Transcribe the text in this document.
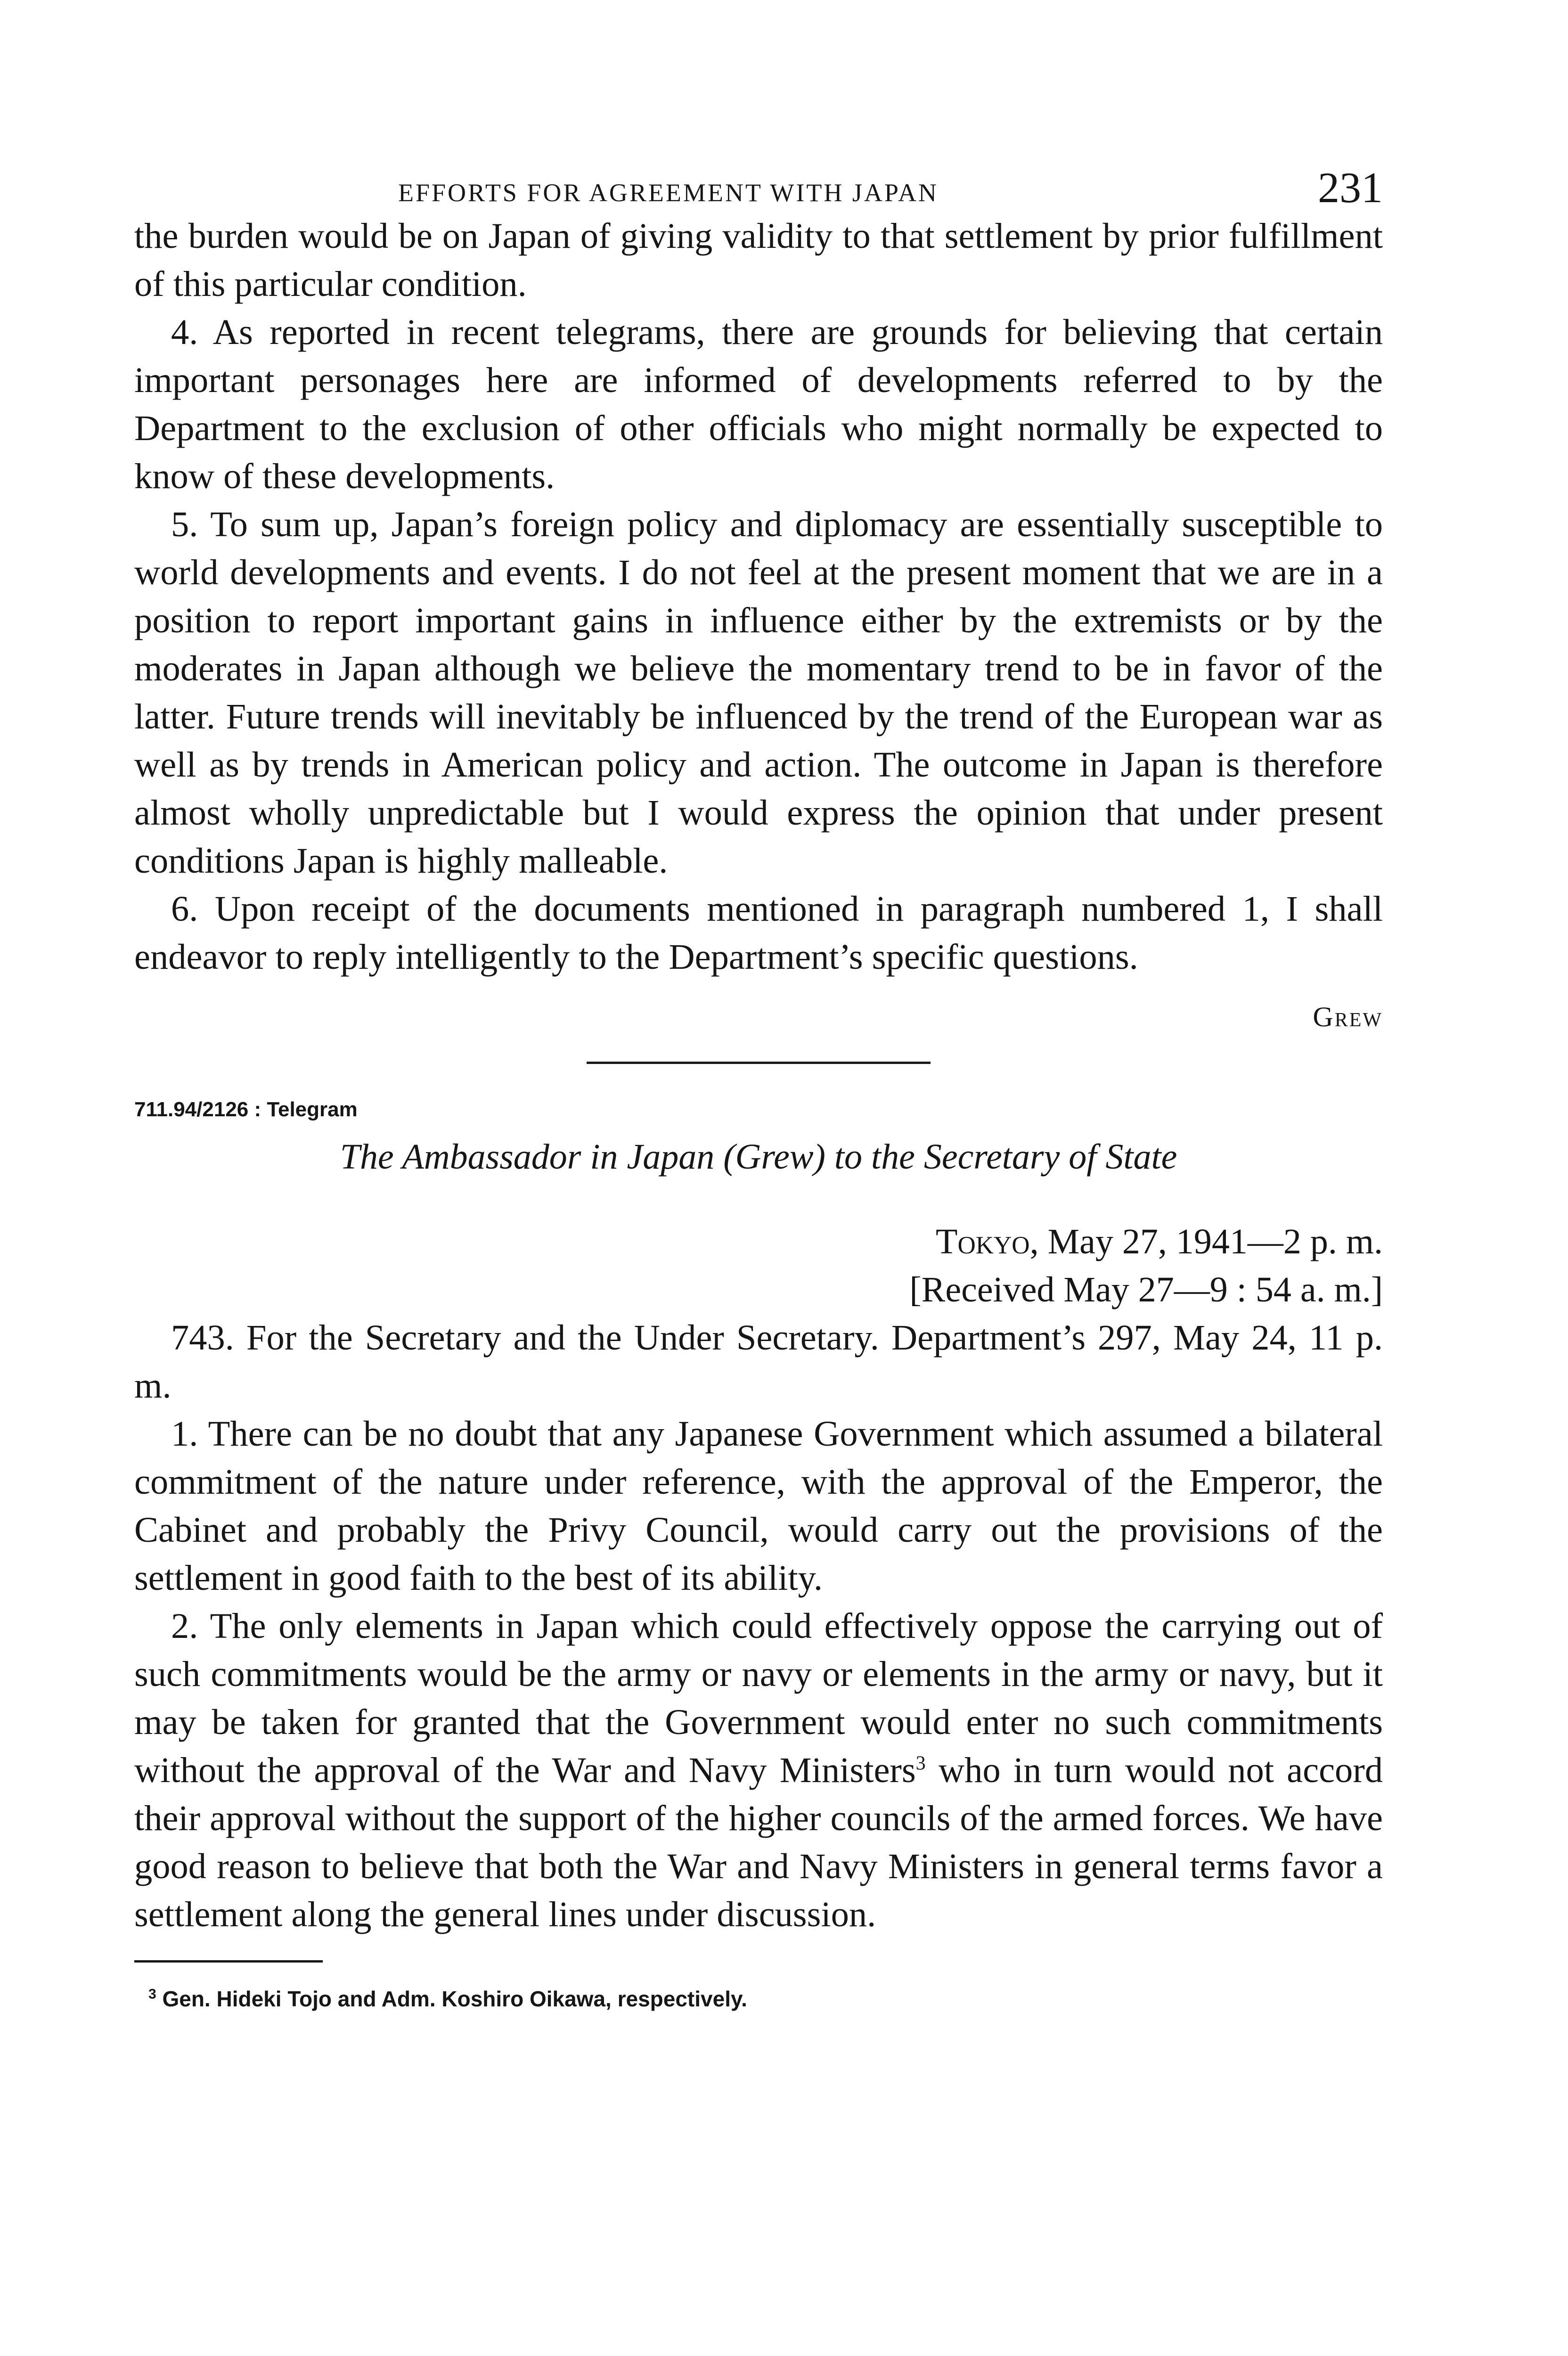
EFFORTS FOR AGREEMENT WITH JAPAN	231

the burden would be on Japan of giving validity to that settlement by prior fulfillment of this particular condition.

4. As reported in recent telegrams, there are grounds for believing that certain important personages here are informed of developments referred to by the Department to the exclusion of other officials who might normally be expected to know of these developments.

5. To sum up, Japan’s foreign policy and diplomacy are essentially susceptible to world developments and events. I do not feel at the present moment that we are in a position to report important gains in influence either by the extremists or by the moderates in Japan although we believe the momentary trend to be in favor of the latter. Future trends will inevitably be influenced by the trend of the European war as well as by trends in American policy and action. The outcome in Japan is therefore almost wholly unpredictable but I would express the opinion that under present conditions Japan is highly malleable.

6. Upon receipt of the documents mentioned in paragraph numbered 1, I shall endeavor to reply intelligently to the Department’s specific questions.

Grew
711.94/2126 : Telegram
The Ambassador in Japan (Grew) to the Secretary of State
Tokyo, May 27, 1941—2 p. m.
[Received May 27—9 : 54 a. m.]

743. For the Secretary and the Under Secretary. Department’s 297, May 24, 11 p. m.

1. There can be no doubt that any Japanese Government which assumed a bilateral commitment of the nature under reference, with the approval of the Emperor, the Cabinet and probably the Privy Council, would carry out the provisions of the settlement in good faith to the best of its ability.

2. The only elements in Japan which could effectively oppose the carrying out of such commitments would be the army or navy or elements in the army or navy, but it may be taken for granted that the Government would enter no such commitments without the approval of the War and Navy Ministers$^3$ who in turn would not accord their approval without the support of the higher councils of the armed forces. We have good reason to believe that both the War and Navy Ministers in general terms favor a settlement along the general lines under discussion.

$^3$ Gen. Hideki Tojo and Adm. Koshiro Oikawa, respectively.
